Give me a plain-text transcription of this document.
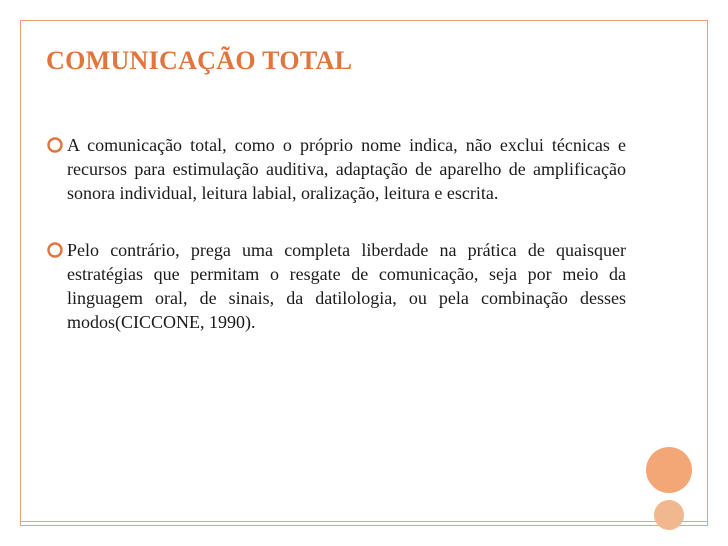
COMUNICAÇÃO TOTAL
A comunicação total, como o próprio nome indica, não exclui técnicas e recursos para estimulação auditiva, adaptação de aparelho de amplificação sonora individual, leitura labial, oralização, leitura e escrita.
Pelo contrário, prega uma completa liberdade na prática de quaisquer estratégias que permitam o resgate de comunicação, seja por meio da linguagem oral, de sinais, da datilologia, ou pela combinação desses modos(CICCONE, 1990).
